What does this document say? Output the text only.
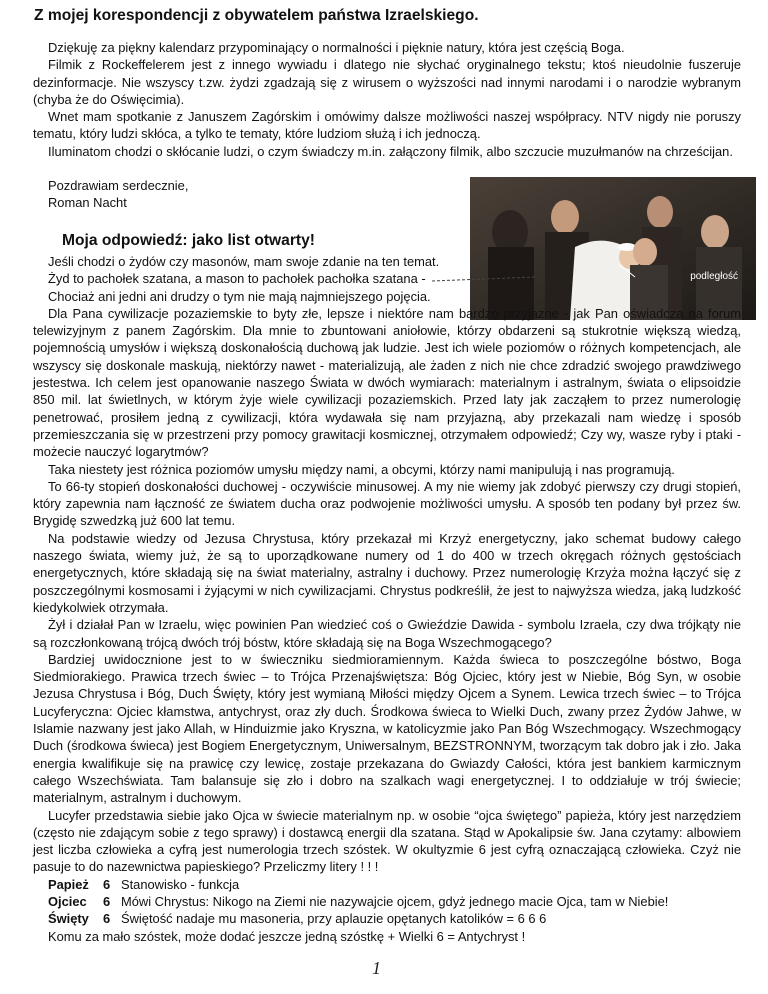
Z mojej korespondencji z obywatelem państwa Izraelskiego.

Dziękuję za piękny kalendarz przypominający o normalności i pięknie natury, która jest częścią Boga.

Filmik z Rockeffelerem jest z innego wywiadu i dlatego nie słychać oryginalnego tekstu; ktoś nieudolnie fuszeruje dezinformacje. Nie wszyscy t.zw. żydzi zgadzają się z wirusem o wyższości nad innymi narodami i o narodzie wybranym (chyba że do Oświęcimia).

Wnet mam spotkanie z Januszem Zagórskim i omówimy dalsze możliwości naszej współpracy. NTV nigdy nie poruszy tematu, który ludzi skłóca, a tylko te tematy, które ludziom służą i ich jednoczą.

Iluminatom chodzi o skłócanie ludzi, o czym świadczy m.in. załączony filmik, albo szczucie muzułmanów na chrześcijan.

Pozdrawiam serdecznie,
Roman Nacht
podległość
Moja odpowiedź: jako list otwarty!

Jeśli chodzi o żydów czy masonów, mam swoje zdanie na ten temat.

Żyd to pachołek szatana, a mason to pachołek pachołka szatana -

Chociaż ani jedni ani drudzy o tym nie mają najmniejszego pojęcia.

Dla Pana cywilizacje pozaziemskie to byty złe, lepsze i niektóre nam bardzo przyjazne - jak Pan oświadcza na forum telewizyjnym z panem Zagórskim. Dla mnie to zbuntowani aniołowie, którzy obdarzeni są stukrotnie większą wiedzą, pojemnością umysłów i większą doskonałością duchową jak ludzie. Jest ich wiele poziomów o różnych kompetencjach, ale wszyscy się doskonale maskują, niektórzy nawet - materializują, ale żaden z nich nie chce zdradzić swojego prawdziwego jestestwa. Ich celem jest opanowanie naszego Świata w dwóch wymiarach: materialnym i astralnym, świata o elipsoidzie 850 mil. lat świetlnych, w którym żyje wiele cywilizacji pozaziemskich. Przed laty jak zacząłem to przez numerologię penetrować, prosiłem jedną z cywilizacji, która wydawała się nam przyjazną, aby przekazali nam wiedzę i sposób przemieszczania się w przestrzeni przy pomocy grawitacji kosmicznej, otrzymałem odpowiedź; Czy wy, wasze ryby i ptaki - możecie nauczyć logarytmów?

Taka niestety jest różnica poziomów umysłu między nami, a obcymi, którzy nami manipulują i nas programują.

To 66-ty stopień doskonałości duchowej - oczywiście minusowej. A my nie wiemy jak zdobyć pierwszy czy drugi stopień, który zapewnia nam łączność ze światem ducha oraz podwojenie możliwości umysłu. A sposób ten podany był przez św. Brygidę szwedzką już 600 lat temu.

Na podstawie wiedzy od Jezusa Chrystusa, który przekazał mi Krzyż energetyczny, jako schemat budowy całego naszego świata, wiemy już, że są to uporządkowane numery od 1 do 400 w trzech okręgach różnych gęstościach energetycznych, które składają się na świat materialny, astralny i duchowy. Przez numerologię Krzyża można łączyć się z poszczególnymi kosmosami i żyjącymi w nich cywilizacjami. Chrystus podkreślił, że jest to najwyższa wiedza, jaką ludzkość kiedykolwiek otrzymała.

Żył i działał Pan w Izraelu, więc powinien Pan wiedzieć coś o Gwieździe Dawida - symbolu Izraela, czy dwa trójkąty nie są rozczłonkowaną trójcą dwóch trój bóstw, które składają się na Boga Wszechmogącego?

Bardziej uwidocznione jest to w świeczniku siedmioramiennym. Każda świeca to poszczególne bóstwo, Boga Siedmiorakiego. Prawica trzech świec – to Trójca Przenajświętsza: Bóg Ojciec, który jest w Niebie, Bóg Syn, w osobie Jezusa Chrystusa i Bóg, Duch Święty, który jest wymianą Miłości między Ojcem a Synem. Lewica trzech świec – to Trójca Lucyferyczna: Ojciec kłamstwa, antychryst, oraz zły duch. Środkowa świeca to Wielki Duch, zwany przez Żydów Jahwe, w Islamie nazwany jest jako Allah, w Hinduizmie jako Kryszna, w katolicyzmie jako Pan Bóg Wszechmogący. Wszechmogący Duch (środkowa świeca) jest Bogiem Energetycznym, Uniwersalnym, BEZSTRONNYM, tworzącym tak dobro jak i zło. Jaka energia kwalifikuje się na prawicę czy lewicę, zostaje przekazana do Gwiazdy Całości, która jest bankiem karmicznym całego Wszechświata. Tam balansuje się zło i dobro na szalkach wagi energetycznej. I to oddziałuje w trój świecie; materialnym, astralnym i duchowym.

Lucyfer przedstawia siebie jako Ojca w świecie materialnym np. w osobie “ojca świętego” papieża, który jest narzędziem (często nie zdającym sobie z tego sprawy) i dostawcą energii dla szatana. Stąd w Apokalipsie św. Jana czytamy: albowiem jest liczba człowieka a cyfrą jest numerologia trzech szóstek. W okultyzmie 6 jest cyfrą oznaczającą człowieka. Czyż nie pasuje to do nazewnictwa papieskiego? Przeliczmy litery ! ! !

Papież 6 Stanowisko - funkcja
Ojciec 6 Mówi Chrystus: Nikogo na Ziemi nie nazywajcie ojcem, gdyż jednego macie Ojca, tam w Niebie!
Święty 6 Świętość nadaje mu masoneria, przy aplauzie opętanych katolików = 6 6 6

Komu za mało szóstek, może dodać jeszcze jedną szóstkę + Wielki 6 = Antychryst !

1
